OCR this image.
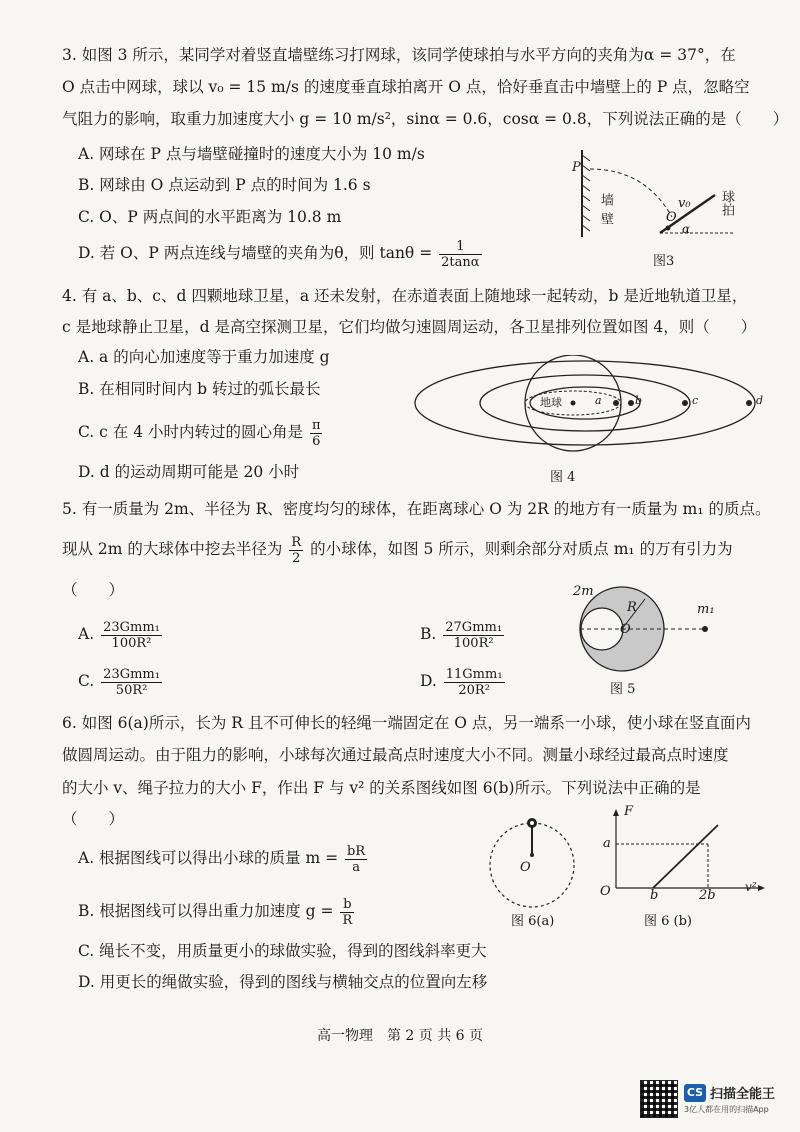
3. 如图 3 所示，某同学对着竖直墙壁练习打网球，该同学使球拍与水平方向的夹角为α = 37°，在
O 点击中网球，球以 v₀ = 15 m/s 的速度垂直球拍离开 O 点，恰好垂直击中墙壁上的 P 点，忽略空
气阻力的影响，取重力加速度大小 g = 10 m/s²，sinα = 0.6，cosα = 0.8，下列说法正确的是（　　）
A. 网球在 P 点与墙壁碰撞时的速度大小为 10 m/s
B. 网球由 O 点运动到 P 点的时间为 1.6 s
C. O、P 两点间的水平距离为 10.8 m
D. 若 O、P 两点连线与墙壁的夹角为θ，则 $\tan\theta = \frac{1}{2\tan\alpha}$
P
墙壁	v₀
O
球拍
α
图3
4. 有 a、b、c、d 四颗地球卫星，a 还未发射，在赤道表面上随地球一起转动，b 是近地轨道卫星，
c 是地球静止卫星，d 是高空探测卫星，它们均做匀速圆周运动，各卫星排列位置如图 4，则（　　）
A. a 的向心加速度等于重力加速度 g
B. 在相同时间内 b 转过的弧长最长
C. c 在 4 小时内转过的圆心角是 $\frac{\pi}{6}$
D. d 的运动周期可能是 20 小时
地球	a	b	c	d
图 4
5. 有一质量为 2m、半径为 R、密度均匀的球体，在距离球心 O 为 2R 的地方有一质量为 m₁ 的质点。
现从 2m 的大球体中挖去半径为 $\frac{R}{2}$ 的小球体，如图 5 所示，则剩余部分对质点 m₁ 的万有引力为
（　　）
A. $\frac{\text{23Gmm₁}}{\text{100R²}}$	B. $\frac{\text{27Gmm₁}}{\text{100R²}}$
C. $\frac{\text{23Gmm₁}}{\text{50R²}}$	D. $\frac{\text{11Gmm₁}}{\text{20R²}}$
2m
R
O
m₁
图 5
6. 如图 6(a)所示，长为 R 且不可伸长的轻绳一端固定在 O 点，另一端系一小球，使小球在竖直面内
做圆周运动。由于阻力的影响，小球每次通过最高点时速度大小不同。测量小球经过最高点时速度
的大小 v、绳子拉力的大小 F，作出 F 与 v² 的关系图线如图 6(b)所示。下列说法中正确的是
（　　）
A. 根据图线可以得出小球的质量 $m = \frac{bR}{a}$
B. 根据图线可以得出重力加速度 $g = \frac{b}{R}$
C. 绳长不变，用质量更小的球做实验，得到的图线斜率更大
D. 用更长的绳做实验，得到的图线与横轴交点的位置向左移
O
图 6(a)
F
a
O	b	2b
v²
图 6 (b)
高一物理　第 2 页 共 6 页
CS 扫描全能王
3亿人都在用的扫描App
